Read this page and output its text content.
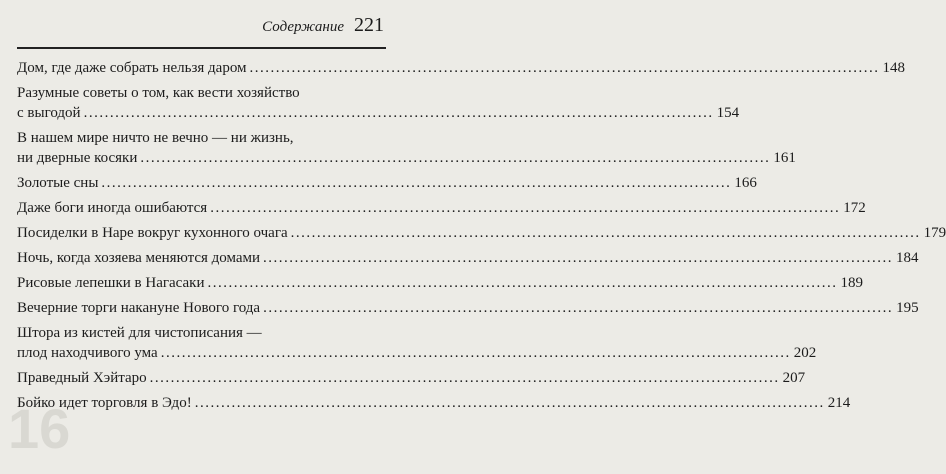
16
Содержание 221
Дом, где даже собрать нельзя даром ........................................................................................................................ 148
Разумные советы о том, как вести хозяйство
с выгодой ........................................................................................................................ 154
В нашем мире ничто не вечно — ни жизнь,
ни дверные косяки ........................................................................................................................ 161
Золотые сны ........................................................................................................................ 166
Даже боги иногда ошибаются ........................................................................................................................ 172
Посиделки в Наре вокруг кухонного очага ........................................................................................................................ 179
Ночь, когда хозяева меняются домами ........................................................................................................................ 184
Рисовые лепешки в Нагасаки ........................................................................................................................ 189
Вечерние торги накануне Нового года ........................................................................................................................ 195
Штора из кистей для чистописания —
плод находчивого ума ........................................................................................................................ 202
Праведный Хэйтаро ........................................................................................................................ 207
Бойко идет торговля в Эдо! ........................................................................................................................ 214
